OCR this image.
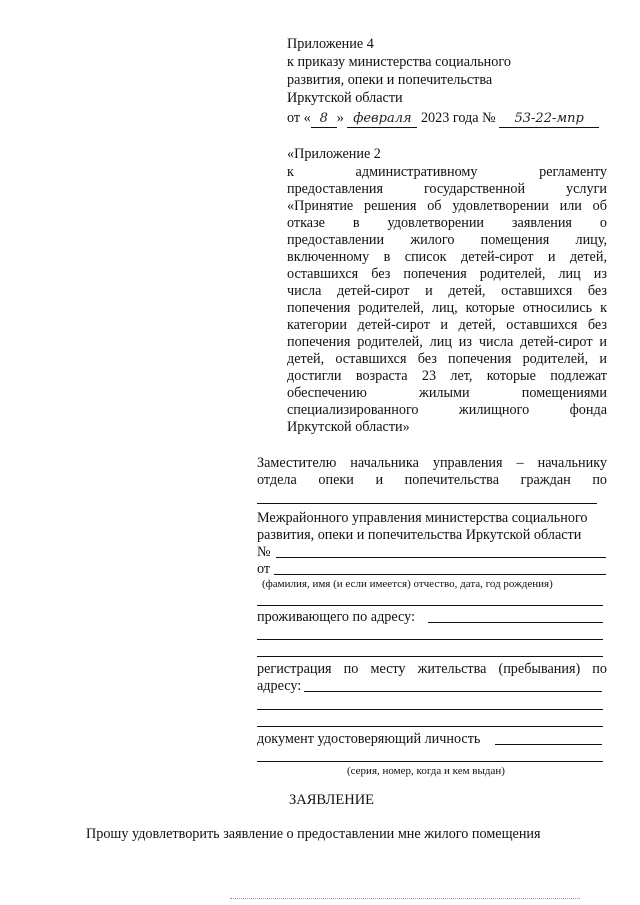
Приложение 4
к приказу министерства социального
развития, опеки и попечительства
Иркутской области
от « 8 » февраля 2023 года № 53-22-мпр
«Приложение 2
к административному регламенту
предоставления государственной услуги
«Принятие решения об удовлетворении или об
отказе в удовлетворении заявления о
предоставлении жилого помещения лицу,
включенному в список детей-сирот и детей,
оставшихся без попечения родителей, лиц из
числа детей-сирот и детей, оставшихся без
попечения родителей, лиц, которые относились к
категории детей-сирот и детей, оставшихся без
попечения родителей, лиц из числа детей-сирот и
детей, оставшихся без попечения родителей, и
достигли возраста 23 лет, которые подлежат
обеспечению жилыми помещениями
специализированного жилищного фонда
Иркутской области»
Заместителю начальника управления – начальнику
отдела опеки и попечительства граждан по
Межрайонного управления министерства социального
развития, опеки и попечительства Иркутской области
№
от
(фамилия, имя (и если имеется) отчество, дата, год рождения)
проживающего по адресу:
регистрация по месту жительства (пребывания) по
адресу:
документ удостоверяющий личность
(серия, номер, когда и кем выдан)
ЗАЯВЛЕНИЕ
Прошу удовлетворить заявление о предоставлении мне жилого помещения
